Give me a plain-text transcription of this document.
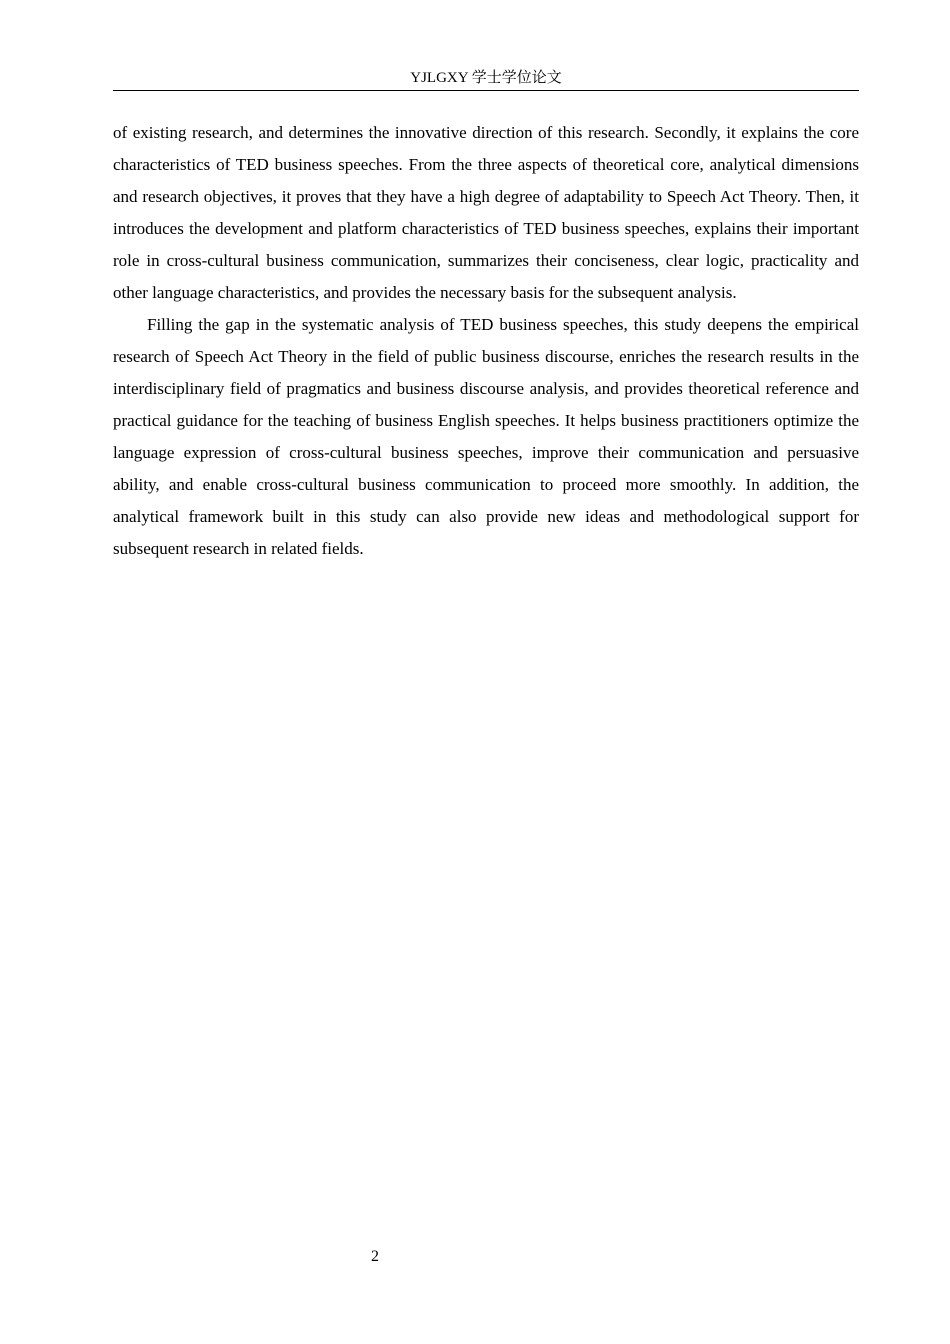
YJLGXY 学士学位论文

of existing research, and determines the innovative direction of this research. Secondly, it explains the core characteristics of TED business speeches. From the three aspects of theoretical core, analytical dimensions and research objectives, it proves that they have a high degree of adaptability to Speech Act Theory. Then, it introduces the development and platform characteristics of TED business speeches, explains their important role in cross-cultural business communication, summarizes their conciseness, clear logic, practicality and other language characteristics, and provides the necessary basis for the subsequent analysis.

Filling the gap in the systematic analysis of TED business speeches, this study deepens the empirical research of Speech Act Theory in the field of public business discourse, enriches the research results in the interdisciplinary field of pragmatics and business discourse analysis, and provides theoretical reference and practical guidance for the teaching of business English speeches. It helps business practitioners optimize the language expression of cross-cultural business speeches, improve their communication and persuasive ability, and enable cross-cultural business communication to proceed more smoothly. In addition, the analytical framework built in this study can also provide new ideas and methodological support for subsequent research in related fields.

2
